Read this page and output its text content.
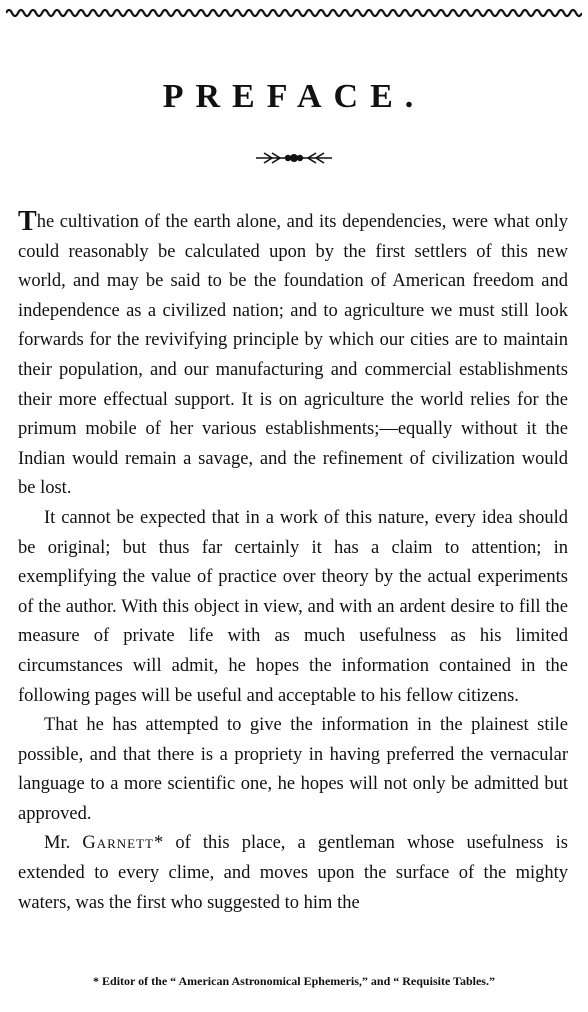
PREFACE.

The cultivation of the earth alone, and its dependencies, were what only could reasonably be calculated upon by the first settlers of this new world, and may be said to be the foundation of American freedom and independence as a civilized nation; and to agriculture we must still look forwards for the revivifying principle by which our cities are to maintain their population, and our manufacturing and commercial establishments their more effectual support. It is on agriculture the world relies for the primum mobile of her various establishments;—equally without it the Indian would remain a savage, and the refinement of civilization would be lost.

It cannot be expected that in a work of this nature, every idea should be original; but thus far certainly it has a claim to attention; in exemplifying the value of practice over theory by the actual experiments of the author. With this object in view, and with an ardent desire to fill the measure of private life with as much usefulness as his limited circumstances will admit, he hopes the information contained in the following pages will be useful and acceptable to his fellow citizens.

That he has attempted to give the information in the plainest stile possible, and that there is a propriety in having preferred the vernacular language to a more scientific one, he hopes will not only be admitted but approved.

Mr. Garnett* of this place, a gentleman whose usefulness is extended to every clime, and moves upon the surface of the mighty waters, was the first who suggested to him the

* Editor of the “ American Astronomical Ephemeris,” and “ Requisite Tables.”
